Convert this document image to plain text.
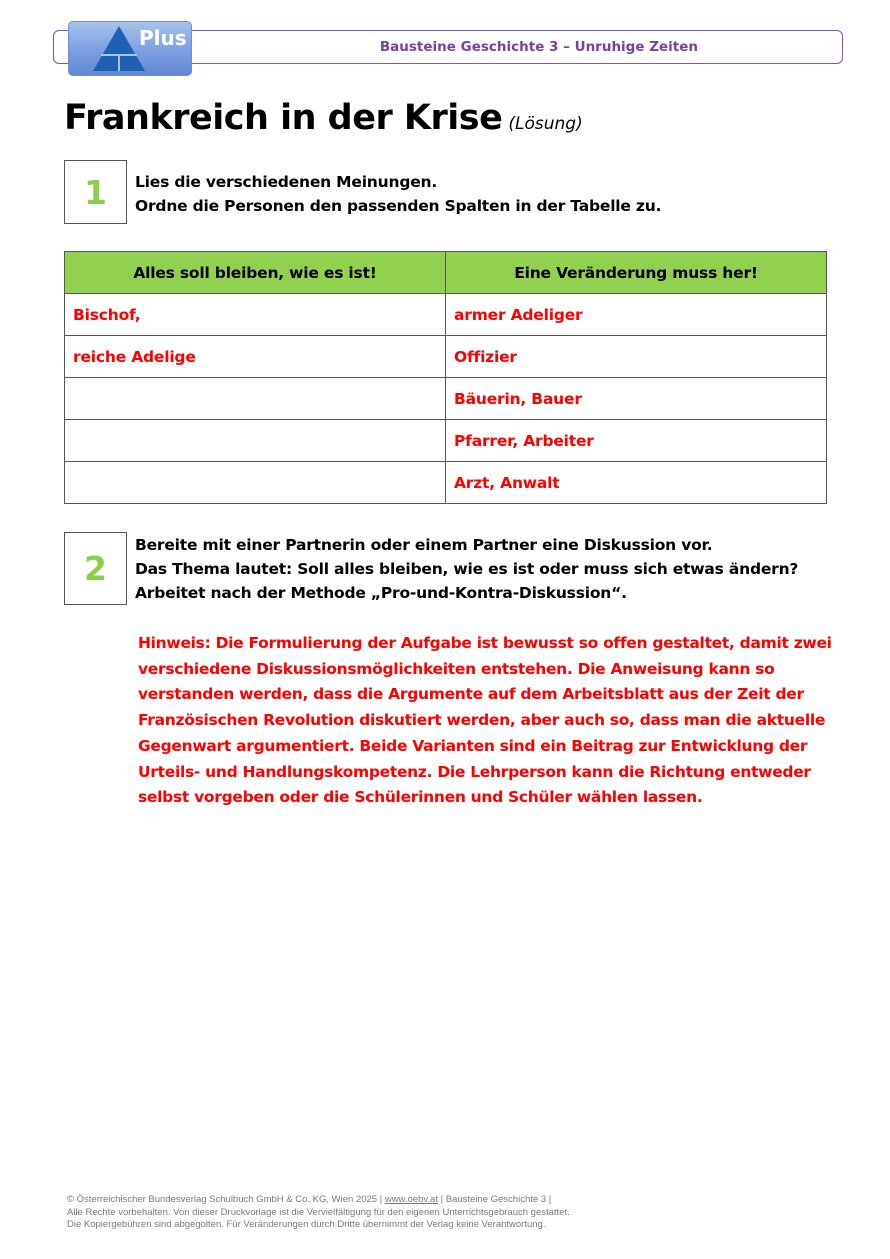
Bausteine Geschichte 3 – Unruhige Zeiten
Plus
Frankreich in der Krise (Lösung)
1	Lies die verschiedenen Meinungen.
Ordne die Personen den passenden Spalten in der Tabelle zu.
Alles soll bleiben, wie es ist!	Eine Veränderung muss her!
Bischof,	armer Adeliger
reiche Adelige	Offizier
	Bäuerin, Bauer
	Pfarrer, Arbeiter
	Arzt, Anwalt
2
Bereite mit einer Partnerin oder einem Partner eine Diskussion vor.
Das Thema lautet: Soll alles bleiben, wie es ist oder muss sich etwas ändern?
Arbeitet nach der Methode „Pro-und-Kontra-Diskussion“.
Hinweis: Die Formulierung der Aufgabe ist bewusst so offen gestaltet, damit zwei
verschiedene Diskussionsmöglichkeiten entstehen. Die Anweisung kann so
verstanden werden, dass die Argumente auf dem Arbeitsblatt aus der Zeit der
Französischen Revolution diskutiert werden, aber auch so, dass man die aktuelle
Gegenwart argumentiert. Beide Varianten sind ein Beitrag zur Entwicklung der
Urteils- und Handlungskompetenz. Die Lehrperson kann die Richtung entweder
selbst vorgeben oder die Schülerinnen und Schüler wählen lassen.
© Österreichischer Bundesverlag Schulbuch GmbH & Co. KG, Wien 2025 | www.oebv.at | Bausteine Geschichte 3 |
Alle Rechte vorbehalten. Von dieser Druckvorlage ist die Vervielfältigung für den eigenen Unterrichtsgebrauch gestattet.
Die Kopiergebühren sind abgegolten. Für Veränderungen durch Dritte übernimmt der Verlag keine Verantwortung.
